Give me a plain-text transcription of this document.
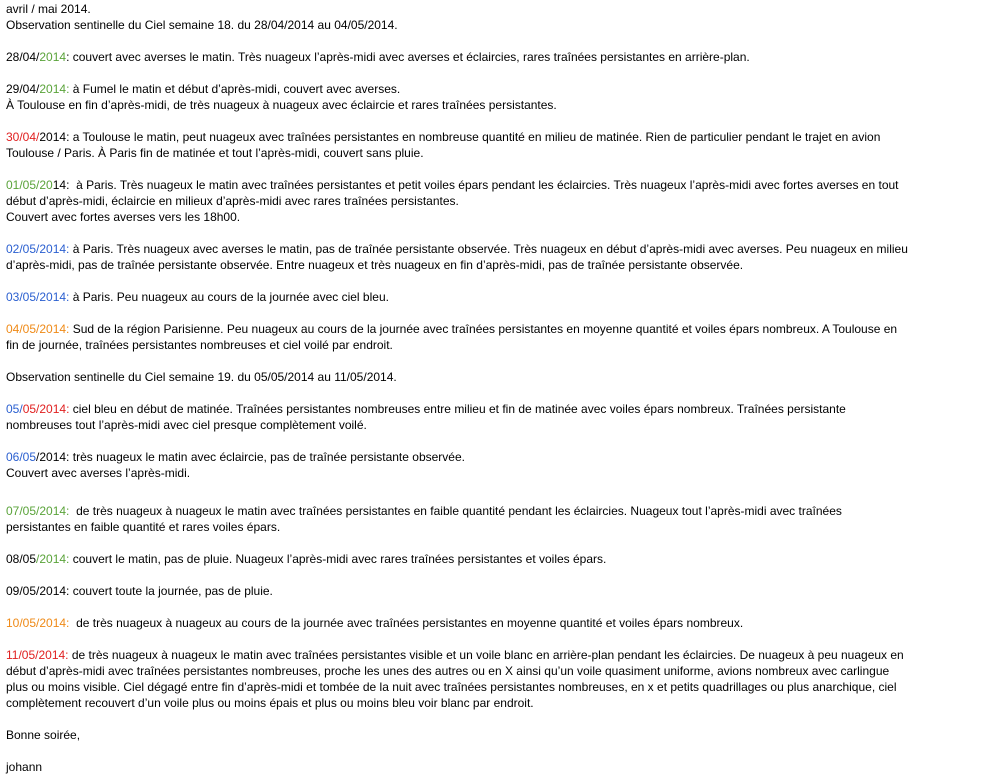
avril / mai 2014.
Observation sentinelle du Ciel semaine 18. du 28/04/2014 au 04/05/2014.
28/04/2014: couvert avec averses le matin. Très nuageux l’après-midi avec averses et éclaircies, rares traînées persistantes en arrière-plan.
29/04/2014: à Fumel le matin et début d’après-midi, couvert avec averses.
À Toulouse en fin d’après-midi, de très nuageux à nuageux avec éclaircie et rares traînées persistantes.
30/04/2014: a Toulouse le matin, peut nuageux avec traînées persistantes en nombreuse quantité en milieu de matinée. Rien de particulier pendant le trajet en avion
Toulouse / Paris. À Paris fin de matinée et tout l’après-midi, couvert sans pluie.
01/05/2014: à Paris. Très nuageux le matin avec traînées persistantes et petit voiles épars pendant les éclaircies. Très nuageux l’après-midi avec fortes averses en tout
début d’après-midi, éclaircie en milieux d’après-midi avec rares traînées persistantes.
Couvert avec fortes averses vers les 18h00.
02/05/2014: à Paris. Très nuageux avec averses le matin, pas de traînée persistante observée. Très nuageux en début d’après-midi avec averses. Peu nuageux en milieu
d’après-midi, pas de traînée persistante observée. Entre nuageux et très nuageux en fin d’après-midi, pas de traînée persistante observée.
03/05/2014: à Paris. Peu nuageux au cours de la journée avec ciel bleu.
04/05/2014: Sud de la région Parisienne. Peu nuageux au cours de la journée avec traînées persistantes en moyenne quantité et voiles épars nombreux. A Toulouse en
fin de journée, traînées persistantes nombreuses et ciel voilé par endroit.
Observation sentinelle du Ciel semaine 19. du 05/05/2014 au 11/05/2014.
05/05/2014: ciel bleu en début de matinée. Traînées persistantes nombreuses entre milieu et fin de matinée avec voiles épars nombreux. Traînées persistante
nombreuses tout l’après-midi avec ciel presque complètement voilé.
06/05/2014: très nuageux le matin avec éclaircie, pas de traînée persistante observée.
Couvert avec averses l’après-midi.
07/05/2014: de très nuageux à nuageux le matin avec traînées persistantes en faible quantité pendant les éclaircies. Nuageux tout l’après-midi avec traînées
persistantes en faible quantité et rares voiles épars.
08/05/2014: couvert le matin, pas de pluie. Nuageux l’après-midi avec rares traînées persistantes et voiles épars.
09/05/2014: couvert toute la journée, pas de pluie.
10/05/2014: de très nuageux à nuageux au cours de la journée avec traînées persistantes en moyenne quantité et voiles épars nombreux.
11/05/2014: de très nuageux à nuageux le matin avec traînées persistantes visible et un voile blanc en arrière-plan pendant les éclaircies. De nuageux à peu nuageux en
début d’après-midi avec traînées persistantes nombreuses, proche les unes des autres ou en X ainsi qu’un voile quasiment uniforme, avions nombreux avec carlingue
plus ou moins visible. Ciel dégagé entre fin d’après-midi et tombée de la nuit avec traînées persistantes nombreuses, en x et petits quadrillages ou plus anarchique, ciel
complètement recouvert d’un voile plus ou moins épais et plus ou moins bleu voir blanc par endroit.
Bonne soirée,
johann
